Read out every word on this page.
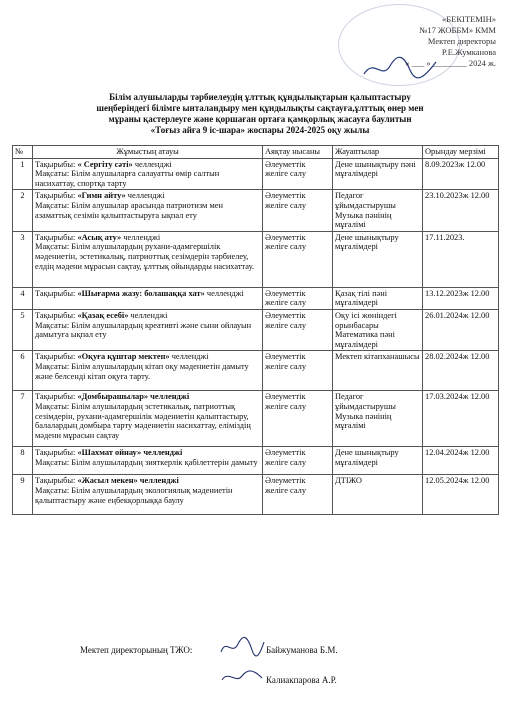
«БЕКІТЕМІН»
№17 ЖОББМ» КММ
Мектеп директоры
Р.Е.Жумканова
« ___ » ________ 2024 ж.
Білім алушыларды тәрбиелеудің ұлттық құндылықтарын қалыптастыру
шеңберіндегі білімге ынталандыру мен құндылықты сақтауға,ұлттық өнер мен
мұраны қастерлеуге және қоршаған ортаға қамқорлық жасауға баулитын
«Тоғыз айға 9 іс-шара» жоспары 2024-2025 оқу жылы
№	Жұмыстың атауы	Аяқтау нысаны	Жауаптылар	Орындау мерзімі
1	Тақырыбы: « Сергіту сәті» челленджі
Мақсаты: Білім алушыларға салауатты өмір салтын насихаттау, спортқа тарту	Әлеуметтік желіге салу	Дене шынықтыру пәні мұғалімдері	8.09.2023ж 12.00
2	Тақырыбы: «Гимн айту» челленджі
Мақсаты: Білім алушылар арасында патриотизм мен азаматтық сезімін қалыптастыруға ықпал ету	Әлеуметтік желіге салу	Педагог ұйымдастырушы Музыка пәнінің мұғалімі	23.10.2023ж 12.00
3	Тақырыбы: «Асық ату» челленджі
Мақсаты: Білім алушылардың рухани-адамгершілік мәдениетін, эстетикалық, патриоттық сезімдерін тәрбиелеу, елдің мәдени мұрасын сақтау, ұлттық ойындарды насихаттау.	Әлеуметтік желіге салу	Дене шынықтыру мұғалімдері	17.11.2023.
4	Тақырыбы: «Шығарма жазу: болашаққа хат» челленджі	Әлеуметтік желіге салу	Қазақ тілі пәні мұғалімдері	13.12.2023ж 12.00
5	Тақырыбы: «Қазақ есебі» челленджі
Мақсаты: Білім алушылардың креативті және сыни ойлауын дамытуға ықпал ету	Әлеуметтік желіге салу	Оқу ісі жөніндегі орынбасары Математика пәні мұғалімдері	26.01.2024ж 12.00
6	Тақырыбы: «Оқуға құштар мектеп» челленджі
Мақсаты: Білім алушылардың кітап оқу мәдениетін дамыту және белсенді кітап оқуға тарту.	Әлеуметтік желіге салу	Мектеп кітапханашысы	28.02.2024ж 12.00
7	Тақырыбы: «Домбырашылар» челленджі
Мақсаты: Білім алушылардың эстетикалық, патриоттық сезімдерін, рухани-адамгершілік мәдениетін қалыптастыру, балалардың домбыра тарту мәдениетін насихаттау, еліміздің мәдени мұрасын сақтау	Әлеуметтік желіге салу	Педагог ұйымдастырушы Музыка пәнінің мұғалімі	17.03.2024ж 12.00
8	Тақырыбы: «Шахмат ойнау» челленджі
Мақсаты: Білім алушылардың зияткерлік қабілеттерін дамыту	Әлеуметтік желіге салу	Дене шынықтыру мұғалімдері	12.04.2024ж 12.00
9	Тақырыбы: «Жасыл мекен» челленджі
Мақсаты: Білім алушылардың экологиялық мәдениетін қалыптастыру және еңбекқорлыққа баулу	Әлеуметтік желіге салу	ДТІЖО	12.05.2024ж 12.00
Мектеп директорының ТЖО:	Байжуманова Б.М.
Калиакпарова А.Р.
